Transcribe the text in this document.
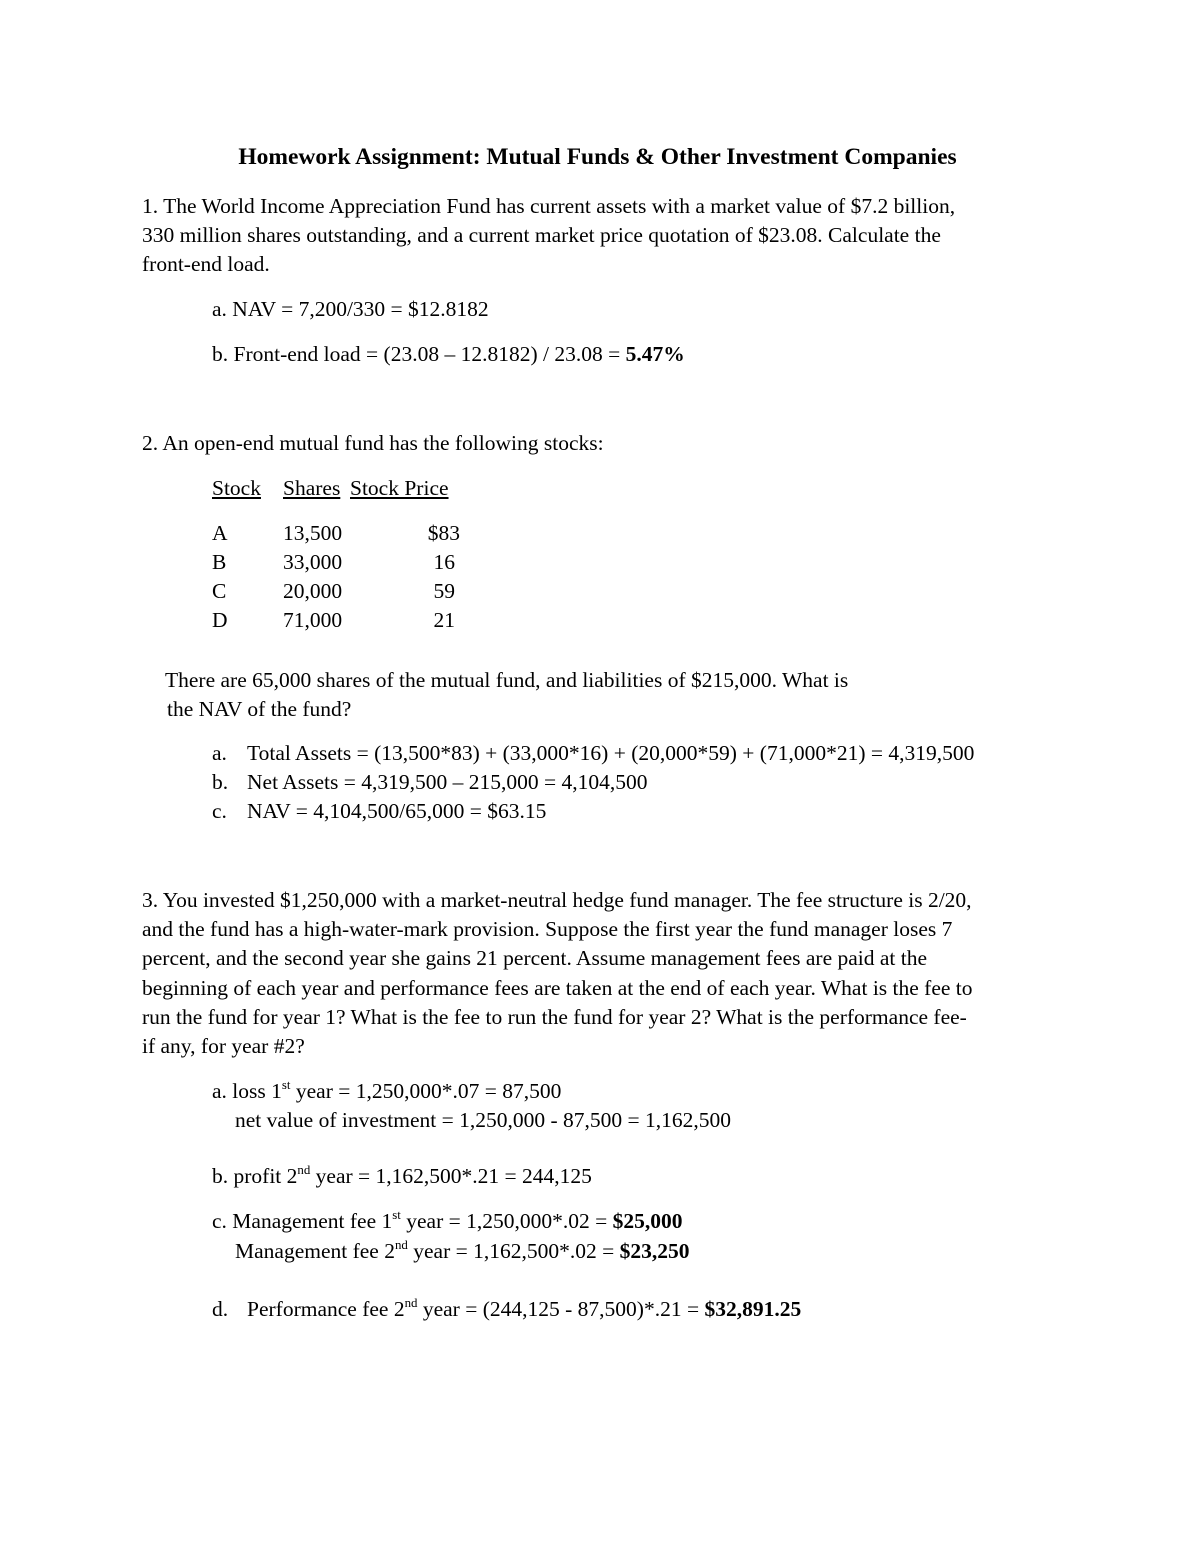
Homework Assignment: Mutual Funds & Other Investment Companies
1. The World Income Appreciation Fund has current assets with a market value of $7.2 billion,
330 million shares outstanding, and a current market price quotation of $23.08. Calculate the
front-end load.
a. NAV = 7,200/330 = $12.8182
b. Front-end load = (23.08 – 12.8182) / 23.08 = 5.47%
2. An open-end mutual fund has the following stocks:
Stock Shares Stock Price
A	13,500	$83
B	33,000	16
C	20,000	59
D	71,000	21
There are 65,000 shares of the mutual fund, and liabilities of $215,000. What is
the NAV of the fund?
a. Total Assets = (13,500*83) + (33,000*16) + (20,000*59) + (71,000*21) = 4,319,500
b. Net Assets = 4,319,500 – 215,000 = 4,104,500
c. NAV = 4,104,500/65,000 = $63.15
3. You invested $1,250,000 with a market-neutral hedge fund manager. The fee structure is 2/20,
and the fund has a high-water-mark provision. Suppose the first year the fund manager loses 7
percent, and the second year she gains 21 percent. Assume management fees are paid at the
beginning of each year and performance fees are taken at the end of each year. What is the fee to
run the fund for year 1? What is the fee to run the fund for year 2? What is the performance fee-
if any, for year #2?
a. loss 1st year = 1,250,000*.07 = 87,500
net value of investment = 1,250,000 - 87,500 = 1,162,500
b. profit 2nd year = 1,162,500*.21 = 244,125
c. Management fee 1st year = 1,250,000*.02 = $25,000
Management fee 2nd year = 1,162,500*.02 = $23,250
d. Performance fee 2nd year = (244,125 - 87,500)*.21 = $32,891.25
